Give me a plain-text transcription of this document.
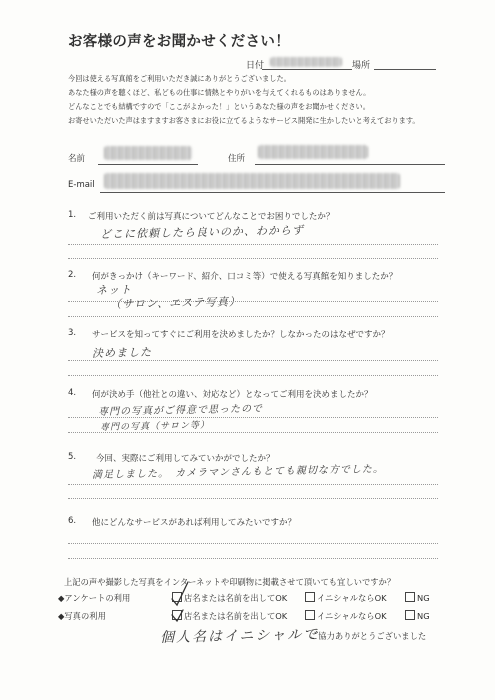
お客様の声をお聞かせください！
日付	場所
今回は使える写真館をご利用いただき誠にありがとうございました。
あなた様の声を聴くほど、私どもの仕事に情熱とやりがいを与えてくれるものはありません。
どんなことでも結構ですので「ここがよかった！」というあなた様の声をお聞かせください。
お寄せいただいた声はますますお客さまにお役に立てるようなサービス開発に生かしたいと考えております。
名前	住所
E-mail
1. ご利用いただく前は写真についてどんなことでお困りでしたか？
どこに依頼したら良いのか、わからず
2. 何がきっかけ（キーワード、紹介、口コミ等）で使える写真館を知りましたか？
ネット
（サロン、エステ写真）
3. サービスを知ってすぐにご利用を決めましたか？しなかったのはなぜですか？
決めました
4. 何が決め手（他社との違い、対応など）となってご利用を決めましたか？
専門の写真がご得意で思ったので
専門の写真（サロン等）
5. 今回、実際にご利用してみていかがでしたか？
満足しました。　カメラマンさんもとても親切な方でした。
6. 他にどんなサービスがあれば利用してみたいですか？
上記の声や撮影した写真をインターネットや印刷物に掲載させて頂いても宜しいですか？
◆アンケートの利用	店名または名前を出してOK	イニシャルならOK	NG
◆写真の利用	店名または名前を出してOK	イニシャルならOK	NG
個人名はイニシャルで
ご協力ありがとうございました
